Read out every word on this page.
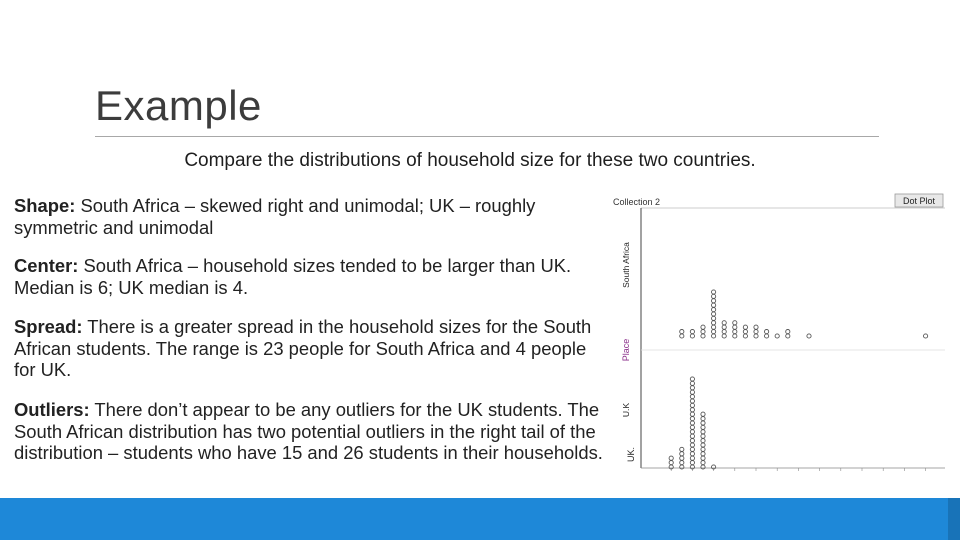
Example
Compare the distributions of household size for these two countries.
Shape: South Africa – skewed right and unimodal; UK – roughly symmetric and unimodal
Center: South Africa – household sizes tended to be larger than UK. Median is 6; UK median is 4.
Spread: There is a greater spread in the household sizes for the South African students. The range is 23 people for South Africa and 4 people for UK.
Outliers: There don’t appear to be any outliers for the UK students. The South African distribution has two potential outliers in the right tail of the distribution – students who have 15 and 26 students in their households.
Collection 2	Dot Plot
Place
South Africa
U.K
UK.
